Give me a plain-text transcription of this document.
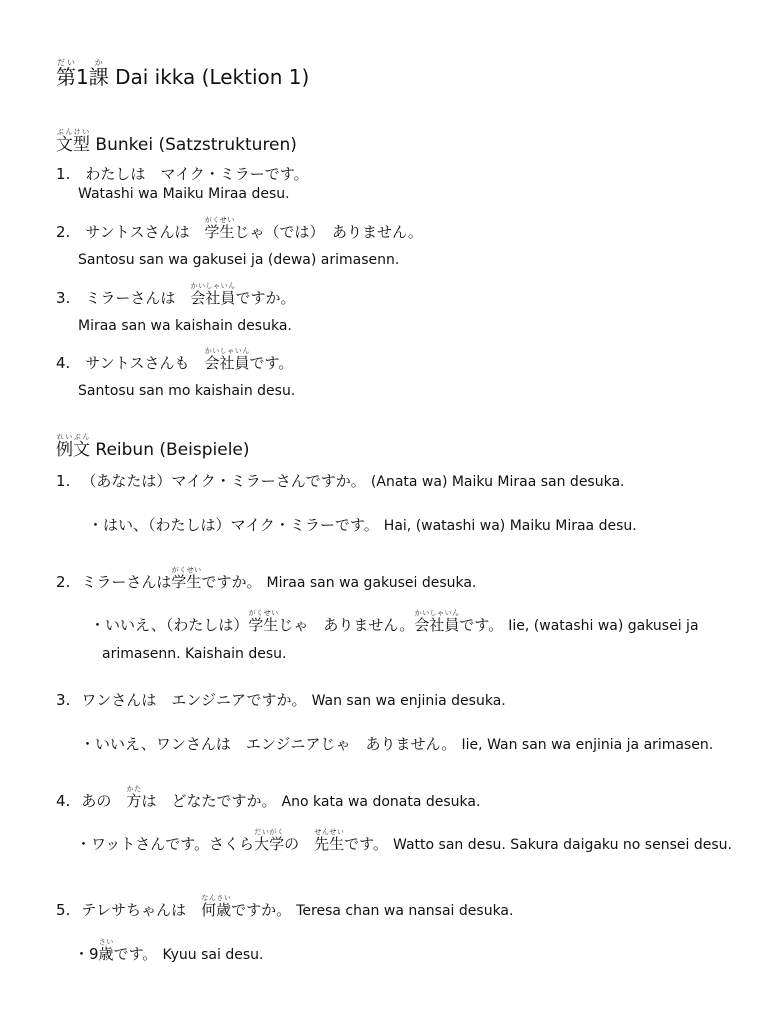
第だい1課か Dai ikka (Lektion 1)
文型ぶんけい Bunkei (Satzstrukturen)
1. わたしは　マイク・ミラーです。
Watashi wa Maiku Miraa desu.
2. サントスさんは　学生がくせいじゃ（では）　ありません。
Santosu san wa gakusei ja (dewa) arimasenn.
3. ミラーさんは　会社員かいしゃいんですか。
Miraa san wa kaishain desuka.
4. サントスさんも　会社員かいしゃいんです。
Santosu san mo kaishain desu.
例文れいぶん Reibun (Beispiele)
1. （あなたは）マイク・ミラーさんですか。 (Anata wa) Maiku Miraa san desuka.
・はい、（わたしは）マイク・ミラーです。 Hai, (watashi wa) Maiku Miraa desu.
2. ミラーさんは学生がくせいですか。 Miraa san wa gakusei desuka.
・いいえ、（わたしは）学生がくせいじゃ　ありません。会社員かいしゃいんです。 Iie, (watashi wa) gakusei ja
arimasenn. Kaishain desu.
3. ワンさんは　エンジニアですか。 Wan san wa enjinia desuka.
・いいえ、ワンさんは　エンジニアじゃ　ありません。 Iie, Wan san wa enjinia ja arimasen.
4. あの　方かたは　どなたですか。 Ano kata wa donata desuka.
・ワットさんです。さくら大学だいがくの　先生せんせいです。 Watto san desu. Sakura daigaku no sensei desu.
5. テレサちゃんは　何歳なんさいですか。 Teresa chan wa nansai desuka.
・9歳さいです。 Kyuu sai desu.
